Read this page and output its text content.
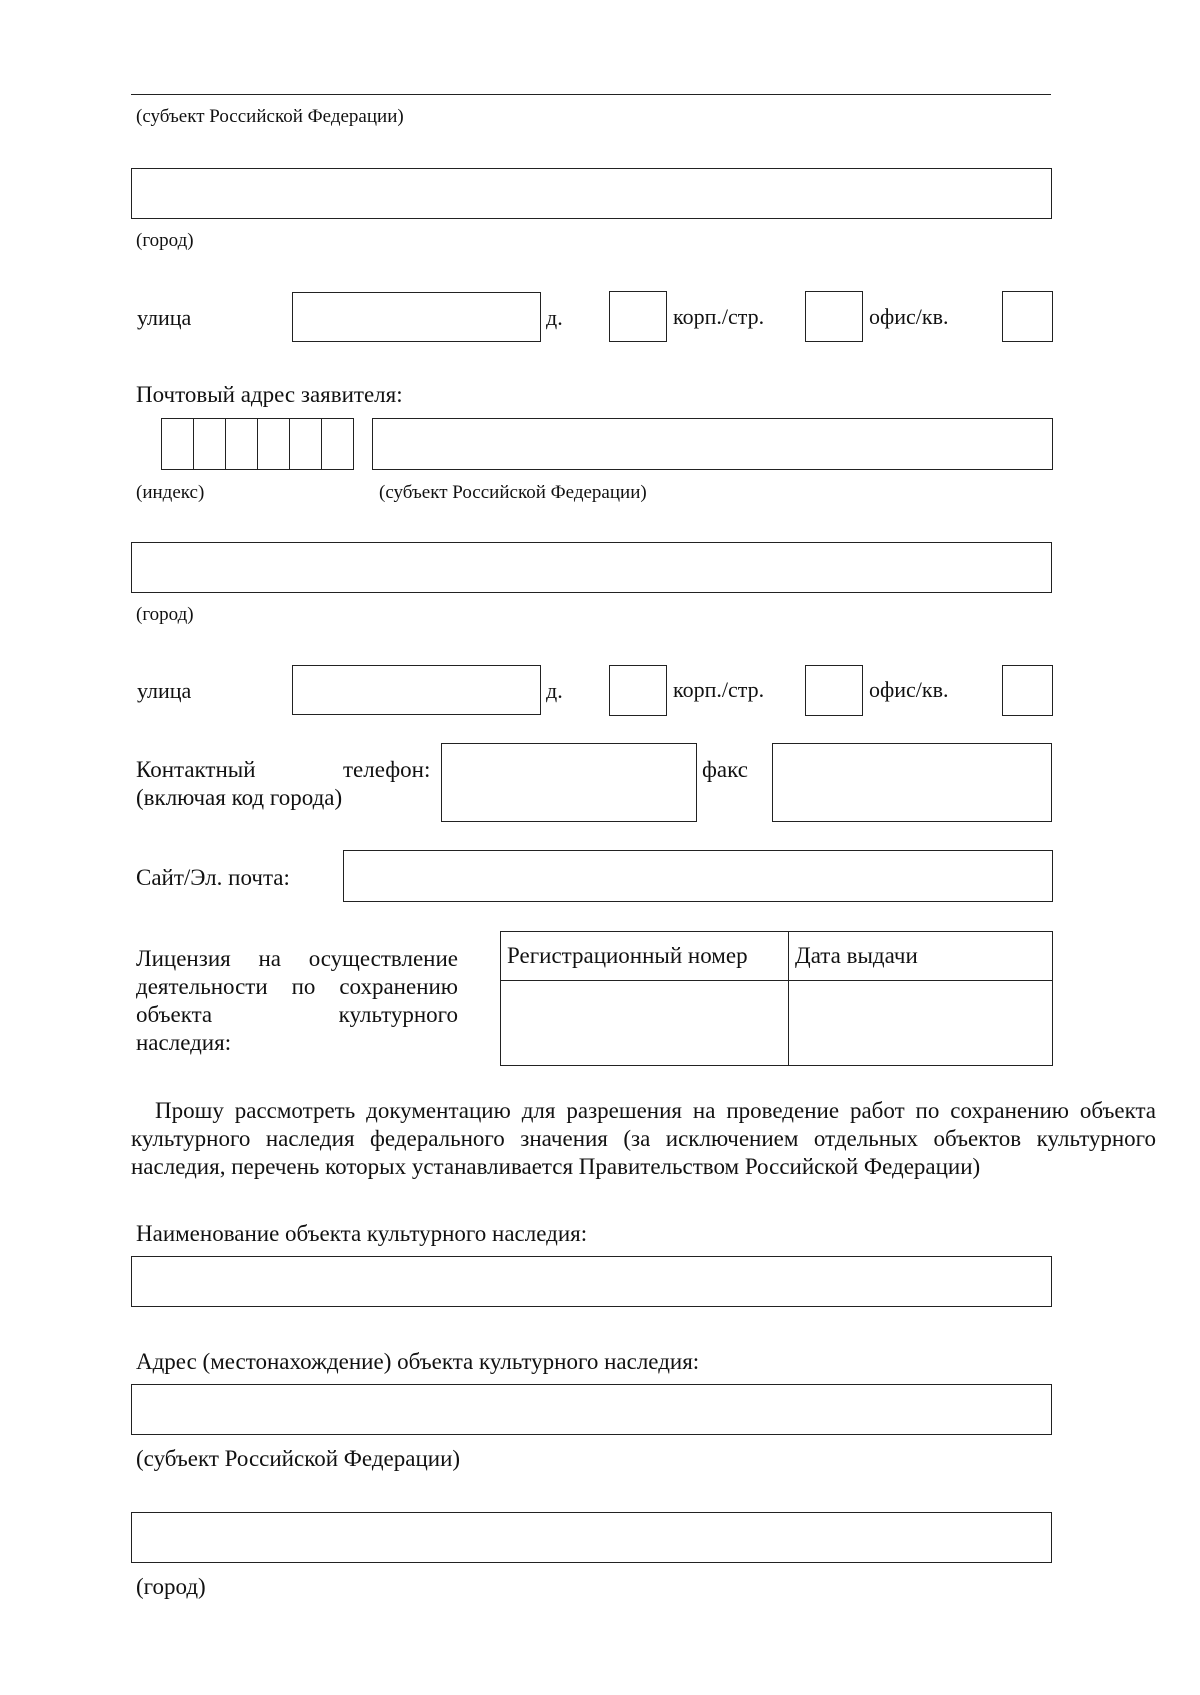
(субъект Российской Федерации)
(город)
улица	д.	корп./стр.	офис/кв.
Почтовый адрес заявителя:
(индекс)	(субъект Российской Федерации)
(город)
улица	д.	корп./стр.	офис/кв.
Контактный	телефон:
(включая код города)
факс
Сайт/Эл. почта:
Лицензия на осуществление
деятельности по сохранению
объекта	культурного
наследия:
Регистрационный номер	Дата выдачи

Прошу рассмотреть документацию для разрешения на проведение работ по сохранению объекта культурного наследия федерального значения (за исключением отдельных объектов культурного наследия, перечень которых устанавливается Правительством Российской Федерации)
Наименование объекта культурного наследия:
Адрес (местонахождение) объекта культурного наследия:
(субъект Российской Федерации)
(город)
